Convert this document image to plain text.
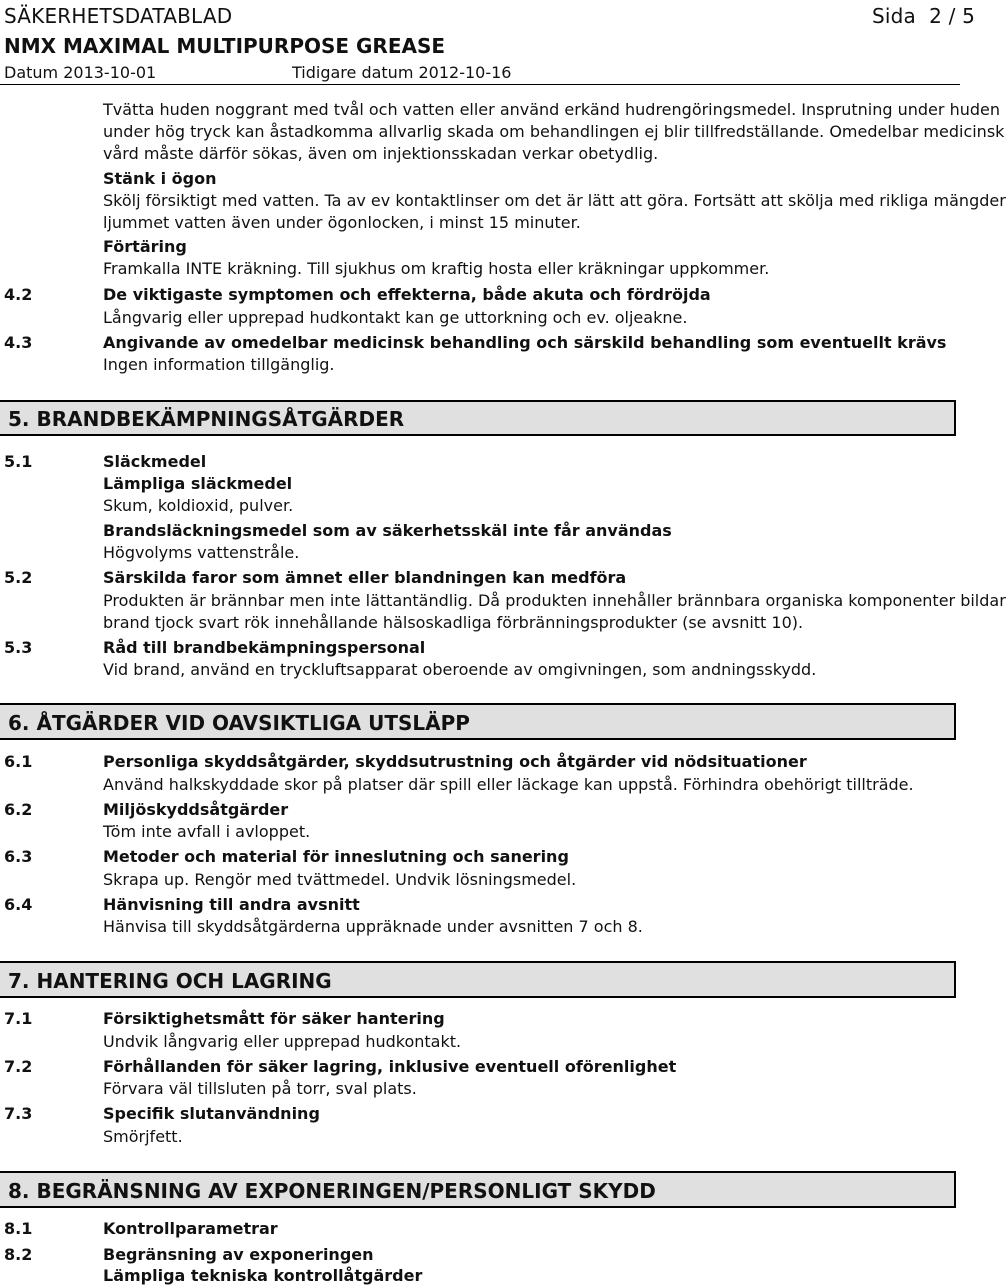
SÄKERHETSDATABLAD	Sida 2 / 5
NMX MAXIMAL MULTIPURPOSE GREASE
Datum 2013-10-01	Tidigare datum 2012-10-16
Tvätta huden noggrant med tvål och vatten eller använd erkänd hudrengöringsmedel. Insprutning under huden
under hög tryck kan åstadkomma allvarlig skada om behandlingen ej blir tillfredställande. Omedelbar medicinsk
vård måste därför sökas, även om injektionsskadan verkar obetydlig.
Stänk i ögon
Skölj försiktigt med vatten. Ta av ev kontaktlinser om det är lätt att göra. Fortsätt att skölja med rikliga mängder
ljummet vatten även under ögonlocken, i minst 15 minuter.
Förtäring
Framkalla INTE kräkning. Till sjukhus om kraftig hosta eller kräkningar uppkommer.
4.2	De viktigaste symptomen och effekterna, både akuta och fördröjda
Långvarig eller upprepad hudkontakt kan ge uttorkning och ev. oljeakne.
4.3	Angivande av omedelbar medicinsk behandling och särskild behandling som eventuellt krävs
Ingen information tillgänglig.
5. BRANDBEKÄMPNINGSÅTGÄRDER
5.1	Släckmedel
Lämpliga släckmedel
Skum, koldioxid, pulver.
Brandsläckningsmedel som av säkerhetsskäl inte får användas
Högvolyms vattenstråle.
5.2	Särskilda faror som ämnet eller blandningen kan medföra
Produkten är brännbar men inte lättantändlig. Då produkten innehåller brännbara organiska komponenter bildar
brand tjock svart rök innehållande hälsoskadliga förbränningsprodukter (se avsnitt 10).
5.3	Råd till brandbekämpningspersonal
Vid brand, använd en tryckluftsapparat oberoende av omgivningen, som andningsskydd.
6. ÅTGÄRDER VID OAVSIKTLIGA UTSLÄPP
6.1	Personliga skyddsåtgärder, skyddsutrustning och åtgärder vid nödsituationer
Använd halkskyddade skor på platser där spill eller läckage kan uppstå. Förhindra obehörigt tillträde.
6.2	Miljöskyddsåtgärder
Töm inte avfall i avloppet.
6.3	Metoder och material för inneslutning och sanering
Skrapa up. Rengör med tvättmedel. Undvik lösningsmedel.
6.4	Hänvisning till andra avsnitt
Hänvisa till skyddsåtgärderna uppräknade under avsnitten 7 och 8.
7. HANTERING OCH LAGRING
7.1	Försiktighetsmått för säker hantering
Undvik långvarig eller upprepad hudkontakt.
7.2	Förhållanden för säker lagring, inklusive eventuell oförenlighet
Förvara väl tillsluten på torr, sval plats.
7.3	Specifik slutanvändning
Smörjfett.
8. BEGRÄNSNING AV EXPONERINGEN/PERSONLIGT SKYDD
8.1	Kontrollparametrar
8.2	Begränsning av exponeringen
Lämpliga tekniska kontrollåtgärder
